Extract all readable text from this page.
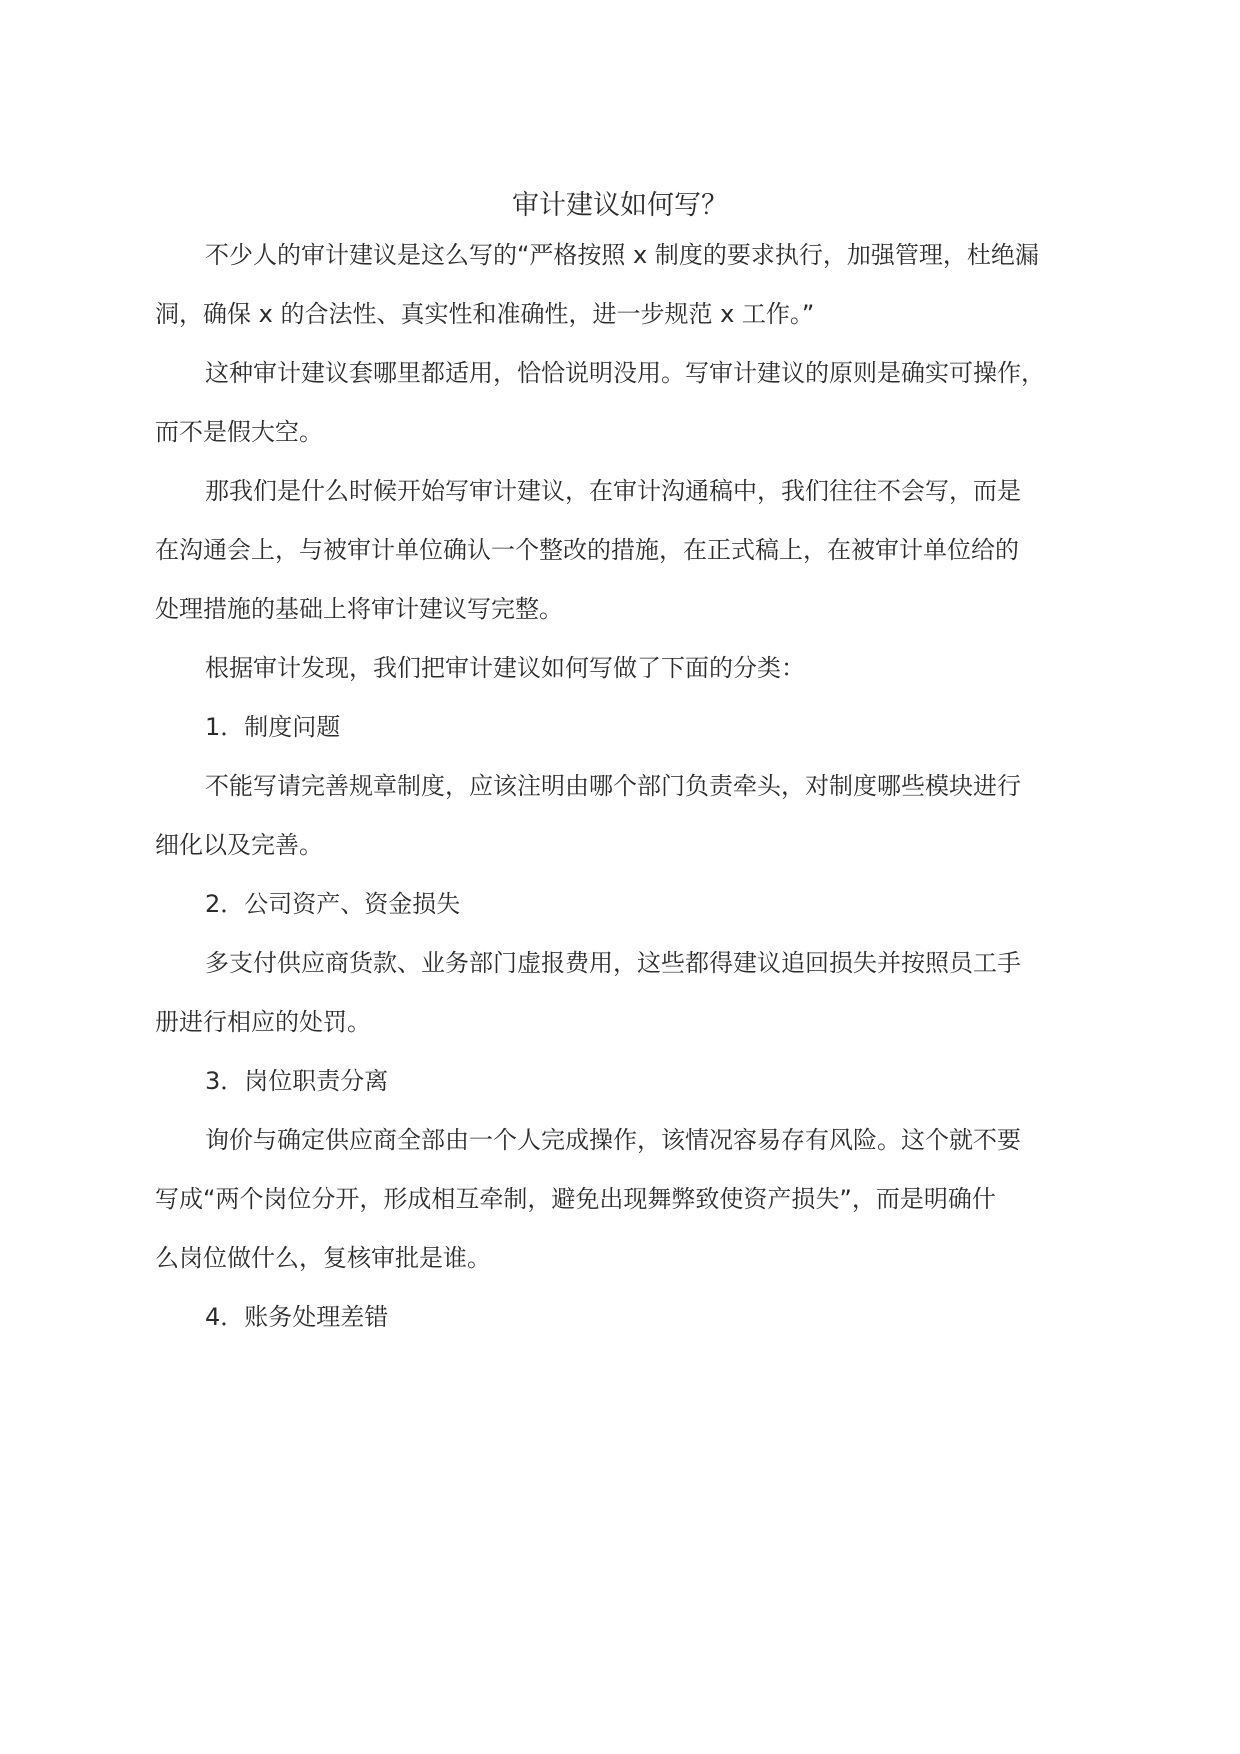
审计建议如何写？

不少人的审计建议是这么写的“严格按照 x 制度的要求执行，加强管理，杜绝漏

洞，确保 x 的合法性、真实性和准确性，进一步规范 x 工作。”

这种审计建议套哪里都适用，恰恰说明没用。写审计建议的原则是确实可操作，

而不是假大空。

那我们是什么时候开始写审计建议，在审计沟通稿中，我们往往不会写，而是

在沟通会上，与被审计单位确认一个整改的措施，在正式稿上，在被审计单位给的

处理措施的基础上将审计建议写完整。

根据审计发现，我们把审计建议如何写做了下面的分类：

1．制度问题

不能写请完善规章制度，应该注明由哪个部门负责牵头，对制度哪些模块进行

细化以及完善。

2．公司资产、资金损失

多支付供应商货款、业务部门虚报费用，这些都得建议追回损失并按照员工手

册进行相应的处罚。

3．岗位职责分离

询价与确定供应商全部由一个人完成操作，该情况容易存有风险。这个就不要

写成“两个岗位分开，形成相互牵制，避免出现舞弊致使资产损失”，而是明确什

么岗位做什么，复核审批是谁。

4．账务处理差错
